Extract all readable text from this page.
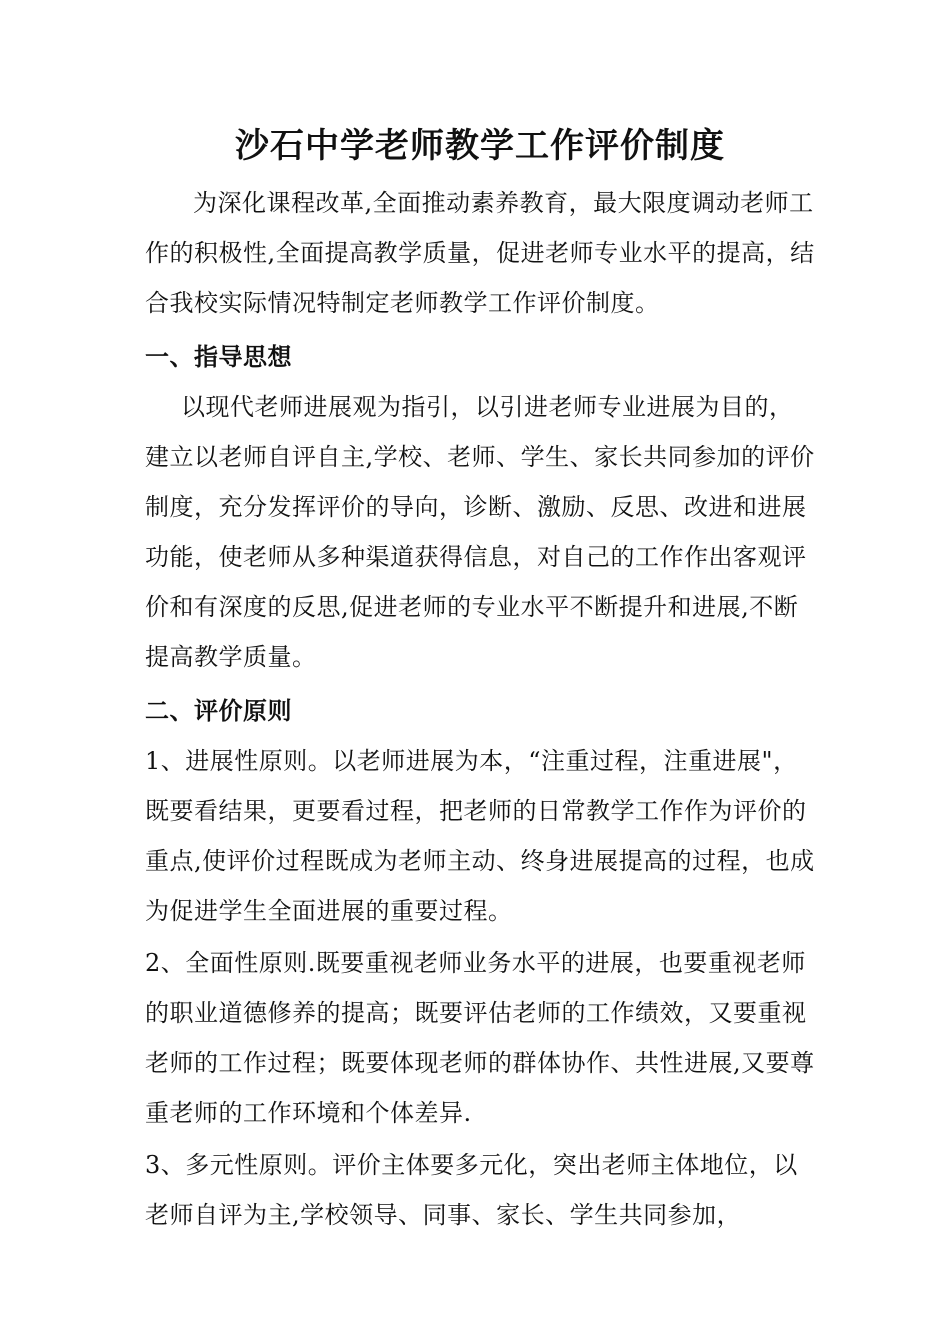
沙石中学老师教学工作评价制度

为深化课程改革,全面推动素养教育，最大限度调动老师工作的积极性,全面提高教学质量，促进老师专业水平的提高，结合我校实际情况特制定老师教学工作评价制度。

一、指导思想

以现代老师进展观为指引，以引进老师专业进展为目的，建立以老师自评自主,学校、老师、学生、家长共同参加的评价制度，充分发挥评价的导向，诊断、激励、反思、改进和进展功能，使老师从多种渠道获得信息，对自己的工作作出客观评价和有深度的反思,促进老师的专业水平不断提升和进展,不断提高教学质量。

二、评价原则

1、进展性原则。以老师进展为本，“注重过程，注重进展"，既要看结果，更要看过程，把老师的日常教学工作作为评价的重点,使评价过程既成为老师主动、终身进展提高的过程，也成为促进学生全面进展的重要过程。

2、全面性原则.既要重视老师业务水平的进展，也要重视老师的职业道德修养的提高；既要评估老师的工作绩效，又要重视老师的工作过程；既要体现老师的群体协作、共性进展,又要尊重老师的工作环境和个体差异.

3、多元性原则。评价主体要多元化，突出老师主体地位，以老师自评为主,学校领导、同事、家长、学生共同参加，
